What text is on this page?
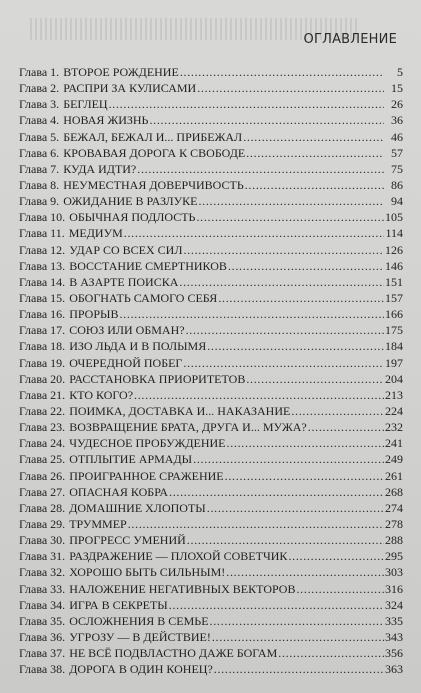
ОГЛАВЛЕНИЕ
Глава 1. ВТОРОЕ РОЖДЕНИЕ .....	5
Глава 2. РАСПРИ ЗА КУЛИСАМИ .....	15
Глава 3. БЕГЛЕЦ .....	26
Глава 4. НОВАЯ ЖИЗНЬ .....	36
Глава 5. БЕЖАЛ, БЕЖАЛ И... ПРИБЕЖАЛ .....	46
Глава 6. КРОВАВАЯ ДОРОГА К СВОБОДЕ .....	57
Глава 7. КУДА ИДТИ? .....	75
Глава 8. НЕУМЕСТНАЯ ДОВЕРЧИВОСТЬ .....	86
Глава 9. ОЖИДАНИЕ В РАЗЛУКЕ .....	94
Глава 10. ОБЫЧНАЯ ПОДЛОСТЬ .....	105
Глава 11. МЕДИУМ .....	114
Глава 12. УДАР СО ВСЕХ СИЛ .....	126
Глава 13. ВОССТАНИЕ СМЕРТНИКОВ .....	146
Глава 14. В АЗАРТЕ ПОИСКА .....	151
Глава 15. ОБОГНАТЬ САМОГО СЕБЯ .....	157
Глава 16. ПРОРЫВ .....	166
Глава 17. СОЮЗ ИЛИ ОБМАН? .....	175
Глава 18. ИЗО ЛЬДА И В ПОЛЫМЯ .....	184
Глава 19. ОЧЕРЕДНОЙ ПОБЕГ .....	197
Глава 20. РАССТАНОВКА ПРИОРИТЕТОВ .....	204
Глава 21. КТО КОГО? .....	213
Глава 22. ПОИМКА, ДОСТАВКА И... НАКАЗАНИЕ .....	224
Глава 23. ВОЗВРАЩЕНИЕ БРАТА, ДРУГА И... МУЖА? .....	232
Глава 24. ЧУДЕСНОЕ ПРОБУЖДЕНИЕ .....	241
Глава 25. ОТПЛЫТИЕ АРМАДЫ .....	249
Глава 26. ПРОИГРАННОЕ СРАЖЕНИЕ .....	261
Глава 27. ОПАСНАЯ КОБРА .....	268
Глава 28. ДОМАШНИЕ ХЛОПОТЫ .....	274
Глава 29. ТРУММЕР .....	278
Глава 30. ПРОГРЕСС УМЕНИЙ .....	288
Глава 31. РАЗДРАЖЕНИЕ — ПЛОХОЙ СОВЕТЧИК .....	295
Глава 32. ХОРОШО БЫТЬ СИЛЬНЫМ! .....	303
Глава 33. НАЛОЖЕНИЕ НЕГАТИВНЫХ ВЕКТОРОВ .....	316
Глава 34. ИГРА В СЕКРЕТЫ .....	324
Глава 35. ОСЛОЖНЕНИЯ В СЕМЬЕ .....	335
Глава 36. УГРОЗУ — В ДЕЙСТВИЕ! .....	343
Глава 37. НЕ ВСЁ ПОДВЛАСТНО ДАЖЕ БОГАМ .....	356
Глава 38. ДОРОГА В ОДИН КОНЕЦ? .....	363
